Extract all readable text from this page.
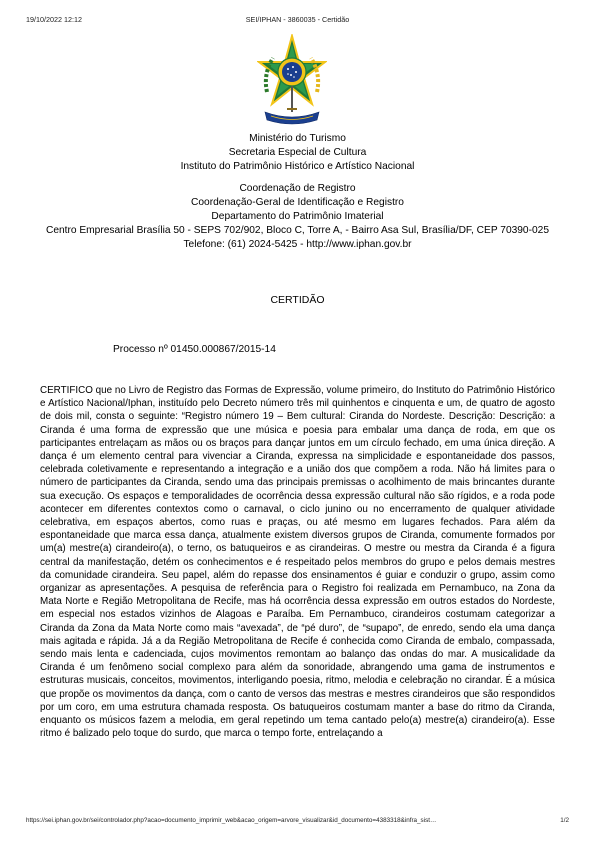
19/10/2022 12:12	SEI/IPHAN - 3860035 - Certidão
Ministério do Turismo
Secretaria Especial de Cultura
Instituto do Patrimônio Histórico e Artístico Nacional
Coordenação de Registro
Coordenação-Geral de Identificação e Registro
Departamento do Patrimônio Imaterial
Centro Empresarial Brasília 50 - SEPS 702/902, Bloco C, Torre A, - Bairro Asa Sul, Brasília/DF, CEP 70390-025
Telefone: (61) 2024-5425 - http://www.iphan.gov.br
CERTIDÃO
Processo nº 01450.000867/2015-14

CERTIFICO que no Livro de Registro das Formas de Expressão, volume primeiro, do Instituto do Patrimônio Histórico e Artístico Nacional/Iphan, instituído pelo Decreto número três mil quinhentos e cinquenta e um, de quatro de agosto de dois mil, consta o seguinte: “Registro número 19 – Bem cultural: Ciranda do Nordeste. Descrição: Descrição: a Ciranda é uma forma de expressão que une música e poesia para embalar uma dança de roda, em que os participantes entrelaçam as mãos ou os braços para dançar juntos em um círculo fechado, em uma única direção. A dança é um elemento central para vivenciar a Ciranda, expressa na simplicidade e espontaneidade dos passos, celebrada coletivamente e representando a integração e a união dos que compõem a roda. Não há limites para o número de participantes da Ciranda, sendo uma das principais premissas o acolhimento de mais brincantes durante sua execução. Os espaços e temporalidades de ocorrência dessa expressão cultural não são rígidos, e a roda pode acontecer em diferentes contextos como o carnaval, o ciclo junino ou no encerramento de qualquer atividade celebrativa, em espaços abertos, como ruas e praças, ou até mesmo em lugares fechados. Para além da espontaneidade que marca essa dança, atualmente existem diversos grupos de Ciranda, comumente formados por um(a) mestre(a) cirandeiro(a), o terno, os batuqueiros e as cirandeiras. O mestre ou mestra da Ciranda é a figura central da manifestação, detém os conhecimentos e é respeitado pelos membros do grupo e pelos demais mestres da comunidade cirandeira. Seu papel, além do repasse dos ensinamentos é guiar e conduzir o grupo, assim como organizar as apresentações. A pesquisa de referência para o Registro foi realizada em Pernambuco, na Zona da Mata Norte e Região Metropolitana de Recife, mas há ocorrência dessa expressão em outros estados do Nordeste, em especial nos estados vizinhos de Alagoas e Paraíba. Em Pernambuco, cirandeiros costumam categorizar a Ciranda da Zona da Mata Norte como mais “avexada”, de “pé duro”, de “supapo”, de enredo, sendo ela uma dança mais agitada e rápida. Já a da Região Metropolitana de Recife é conhecida como Ciranda de embalo, compassada, sendo mais lenta e cadenciada, cujos movimentos remontam ao balanço das ondas do mar. A musicalidade da Ciranda é um fenômeno social complexo para além da sonoridade, abrangendo uma gama de instrumentos e estruturas musicais, conceitos, movimentos, interligando poesia, ritmo, melodia e celebração no cirandar. É a música que propõe os movimentos da dança, com o canto de versos das mestras e mestres cirandeiros que são respondidos por um coro, em uma estrutura chamada resposta. Os batuqueiros costumam manter a base do ritmo da Ciranda, enquanto os músicos fazem a melodia, em geral repetindo um tema cantado pelo(a) mestre(a) cirandeiro(a). Esse ritmo é balizado pelo toque do surdo, que marca o tempo forte, entrelaçando a

https://sei.iphan.gov.br/sei/controlador.php?acao=documento_imprimir_web&acao_origem=arvore_visualizar&id_documento=4383318&infra_sist…	1/2
